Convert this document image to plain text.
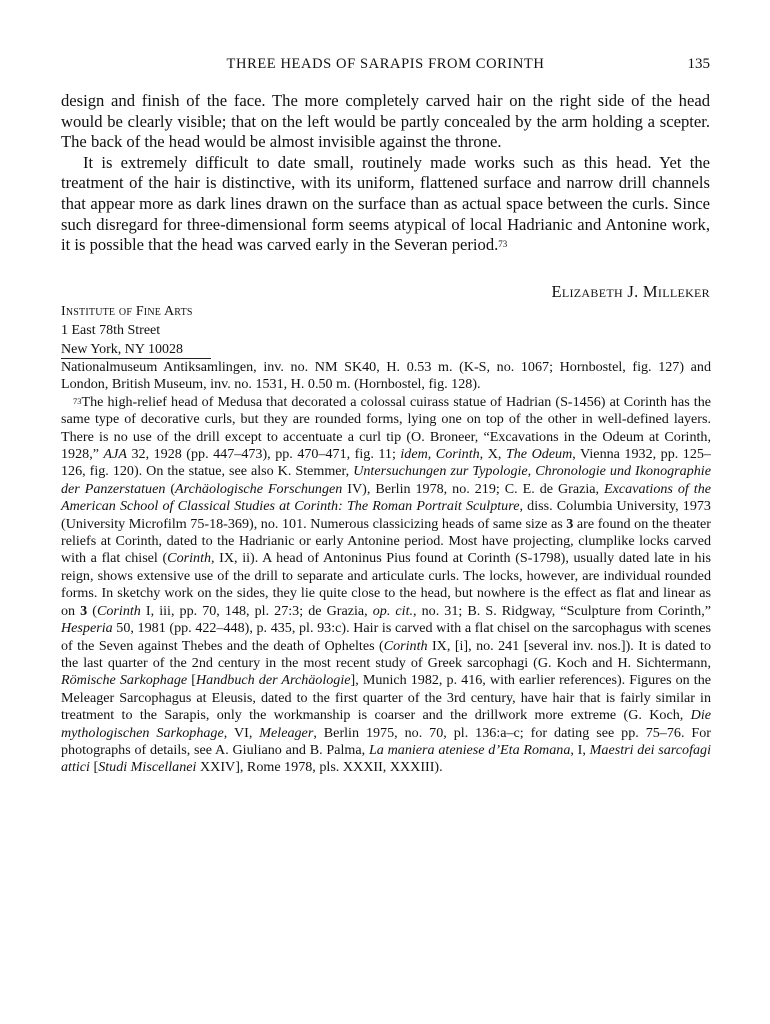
THREE HEADS OF SARAPIS FROM CORINTH	135

design and finish of the face. The more completely carved hair on the right side of the head would be clearly visible; that on the left would be partly concealed by the arm holding a scepter. The back of the head would be almost invisible against the throne.

It is extremely difficult to date small, routinely made works such as this head. Yet the treatment of the hair is distinctive, with its uniform, flattened surface and narrow drill channels that appear more as dark lines drawn on the surface than as actual space between the curls. Since such disregard for three-dimensional form seems atypical of local Hadrianic and Antonine work, it is possible that the head was carved early in the Severan period.$^{73}$

Elizabeth J. Milleker
Institute of Fine Arts
1 East 78th Street
New York, NY 10028

Nationalmuseum Antiksamlingen, inv. no. NM SK40, H. 0.53 m. (K-S, no. 1067; Hornbostel, fig. 127) and London, British Museum, inv. no. 1531, H. 0.50 m. (Hornbostel, fig. 128).

$^{73}$The high-relief head of Medusa that decorated a colossal cuirass statue of Hadrian (S-1456) at Corinth has the same type of decorative curls, but they are rounded forms, lying one on top of the other in well-defined layers. There is no use of the drill except to accentuate a curl tip (O. Broneer, “Excavations in the Odeum at Corinth, 1928,” AJA 32, 1928 (pp. 447–473), pp. 470–471, fig. 11; idem, Corinth, X, The Odeum, Vienna 1932, pp. 125–126, fig. 120). On the statue, see also K. Stemmer, Untersuchungen zur Typologie, Chronologie und Ikonographie der Panzerstatuen (Archäologische Forschungen IV), Berlin 1978, no. 219; C. E. de Grazia, Excavations of the American School of Classical Studies at Corinth: The Roman Portrait Sculpture, diss. Columbia University, 1973 (University Microfilm 75-18-369), no. 101. Numerous classicizing heads of same size as 3 are found on the theater reliefs at Corinth, dated to the Hadrianic or early Antonine period. Most have projecting, clumplike locks carved with a flat chisel (Corinth, IX, ii). A head of Antoninus Pius found at Corinth (S-1798), usually dated late in his reign, shows extensive use of the drill to separate and articulate curls. The locks, however, are individual rounded forms. In sketchy work on the sides, they lie quite close to the head, but nowhere is the effect as flat and linear as on 3 (Corinth I, iii, pp. 70, 148, pl. 27:3; de Grazia, op. cit., no. 31; B. S. Ridgway, “Sculpture from Corinth,” Hesperia 50, 1981 (pp. 422–448), p. 435, pl. 93:c). Hair is carved with a flat chisel on the sarcophagus with scenes of the Seven against Thebes and the death of Opheltes (Corinth IX, [i], no. 241 [several inv. nos.]). It is dated to the last quarter of the 2nd century in the most recent study of Greek sarcophagi (G. Koch and H. Sichtermann, Römische Sarkophage [Handbuch der Archäologie], Munich 1982, p. 416, with earlier references). Figures on the Meleager Sarcophagus at Eleusis, dated to the first quarter of the 3rd century, have hair that is fairly similar in treatment to the Sarapis, only the workmanship is coarser and the drillwork more extreme (G. Koch, Die mythologischen Sarkophage, VI, Meleager, Berlin 1975, no. 70, pl. 136:a–c; for dating see pp. 75–76. For photographs of details, see A. Giuliano and B. Palma, La maniera ateniese d’Eta Romana, I, Maestri dei sarcofagi attici [Studi Miscellanei XXIV], Rome 1978, pls. XXXII, XXXIII).
